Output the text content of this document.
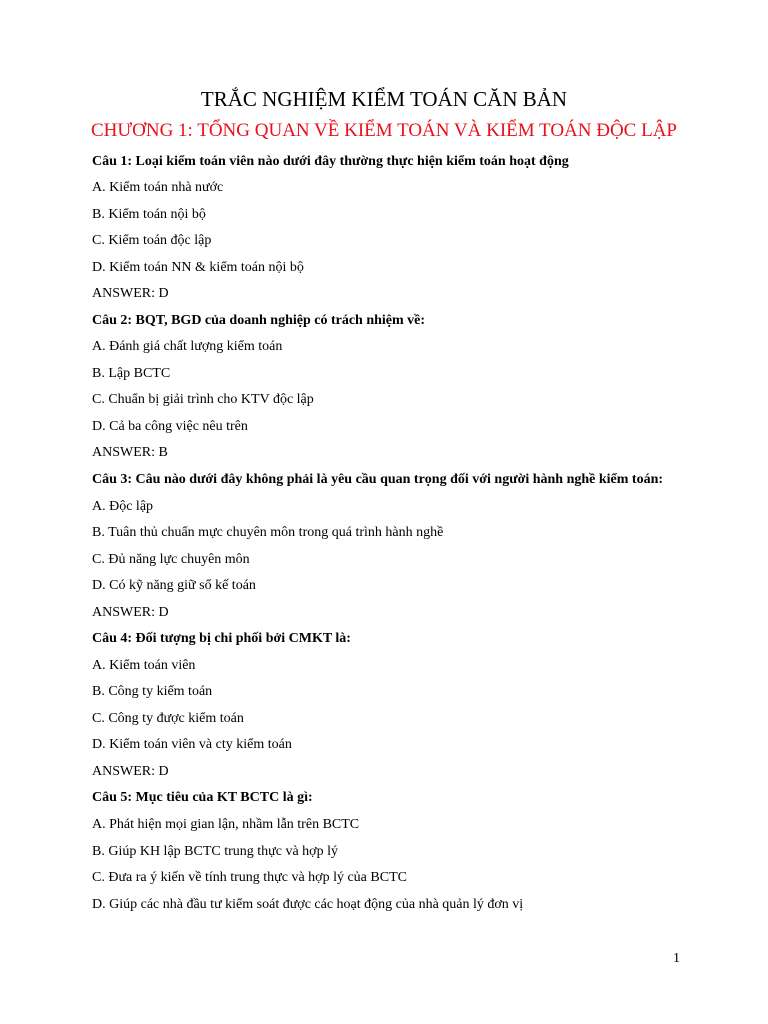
TRẮC NGHIỆM KIỂM TOÁN CĂN BẢN
CHƯƠNG 1: TỔNG QUAN VỀ KIỂM TOÁN VÀ KIỂM TOÁN ĐỘC LẬP
Câu 1: Loại kiểm toán viên nào dưới đây thường thực hiện kiểm toán hoạt động
A. Kiểm toán nhà nước
B. Kiểm toán nội bộ
C. Kiểm toán độc lập
D. Kiểm toán NN & kiểm toán nội bộ
ANSWER: D
Câu 2: BQT, BGD của doanh nghiệp có trách nhiệm về:
A. Đánh giá chất lượng kiểm toán
B. Lập BCTC
C. Chuẩn bị giải trình cho KTV độc lập
D. Cả ba công việc nêu trên
ANSWER: B
Câu 3: Câu nào dưới đây không phải là yêu cầu quan trọng đối với người hành nghề kiểm toán:
A. Độc lập
B. Tuân thủ chuẩn mực chuyên môn trong quá trình hành nghề
C. Đủ năng lực chuyên môn
D. Có kỹ năng giữ sổ kế toán
ANSWER: D
Câu 4: Đối tượng bị chi phối bởi CMKT là:
A. Kiểm toán viên
B. Công ty kiểm toán
C. Công ty được kiểm toán
D. Kiểm toán viên và cty kiểm toán
ANSWER: D
Câu 5: Mục tiêu của KT BCTC là gì:
A. Phát hiện mọi gian lận, nhầm lẫn trên BCTC
B. Giúp KH lập BCTC trung thực và hợp lý
C. Đưa ra ý kiến về tính trung thực và hợp lý của BCTC
D. Giúp các nhà đầu tư kiểm soát được các hoạt động của nhà quản lý đơn vị
1
